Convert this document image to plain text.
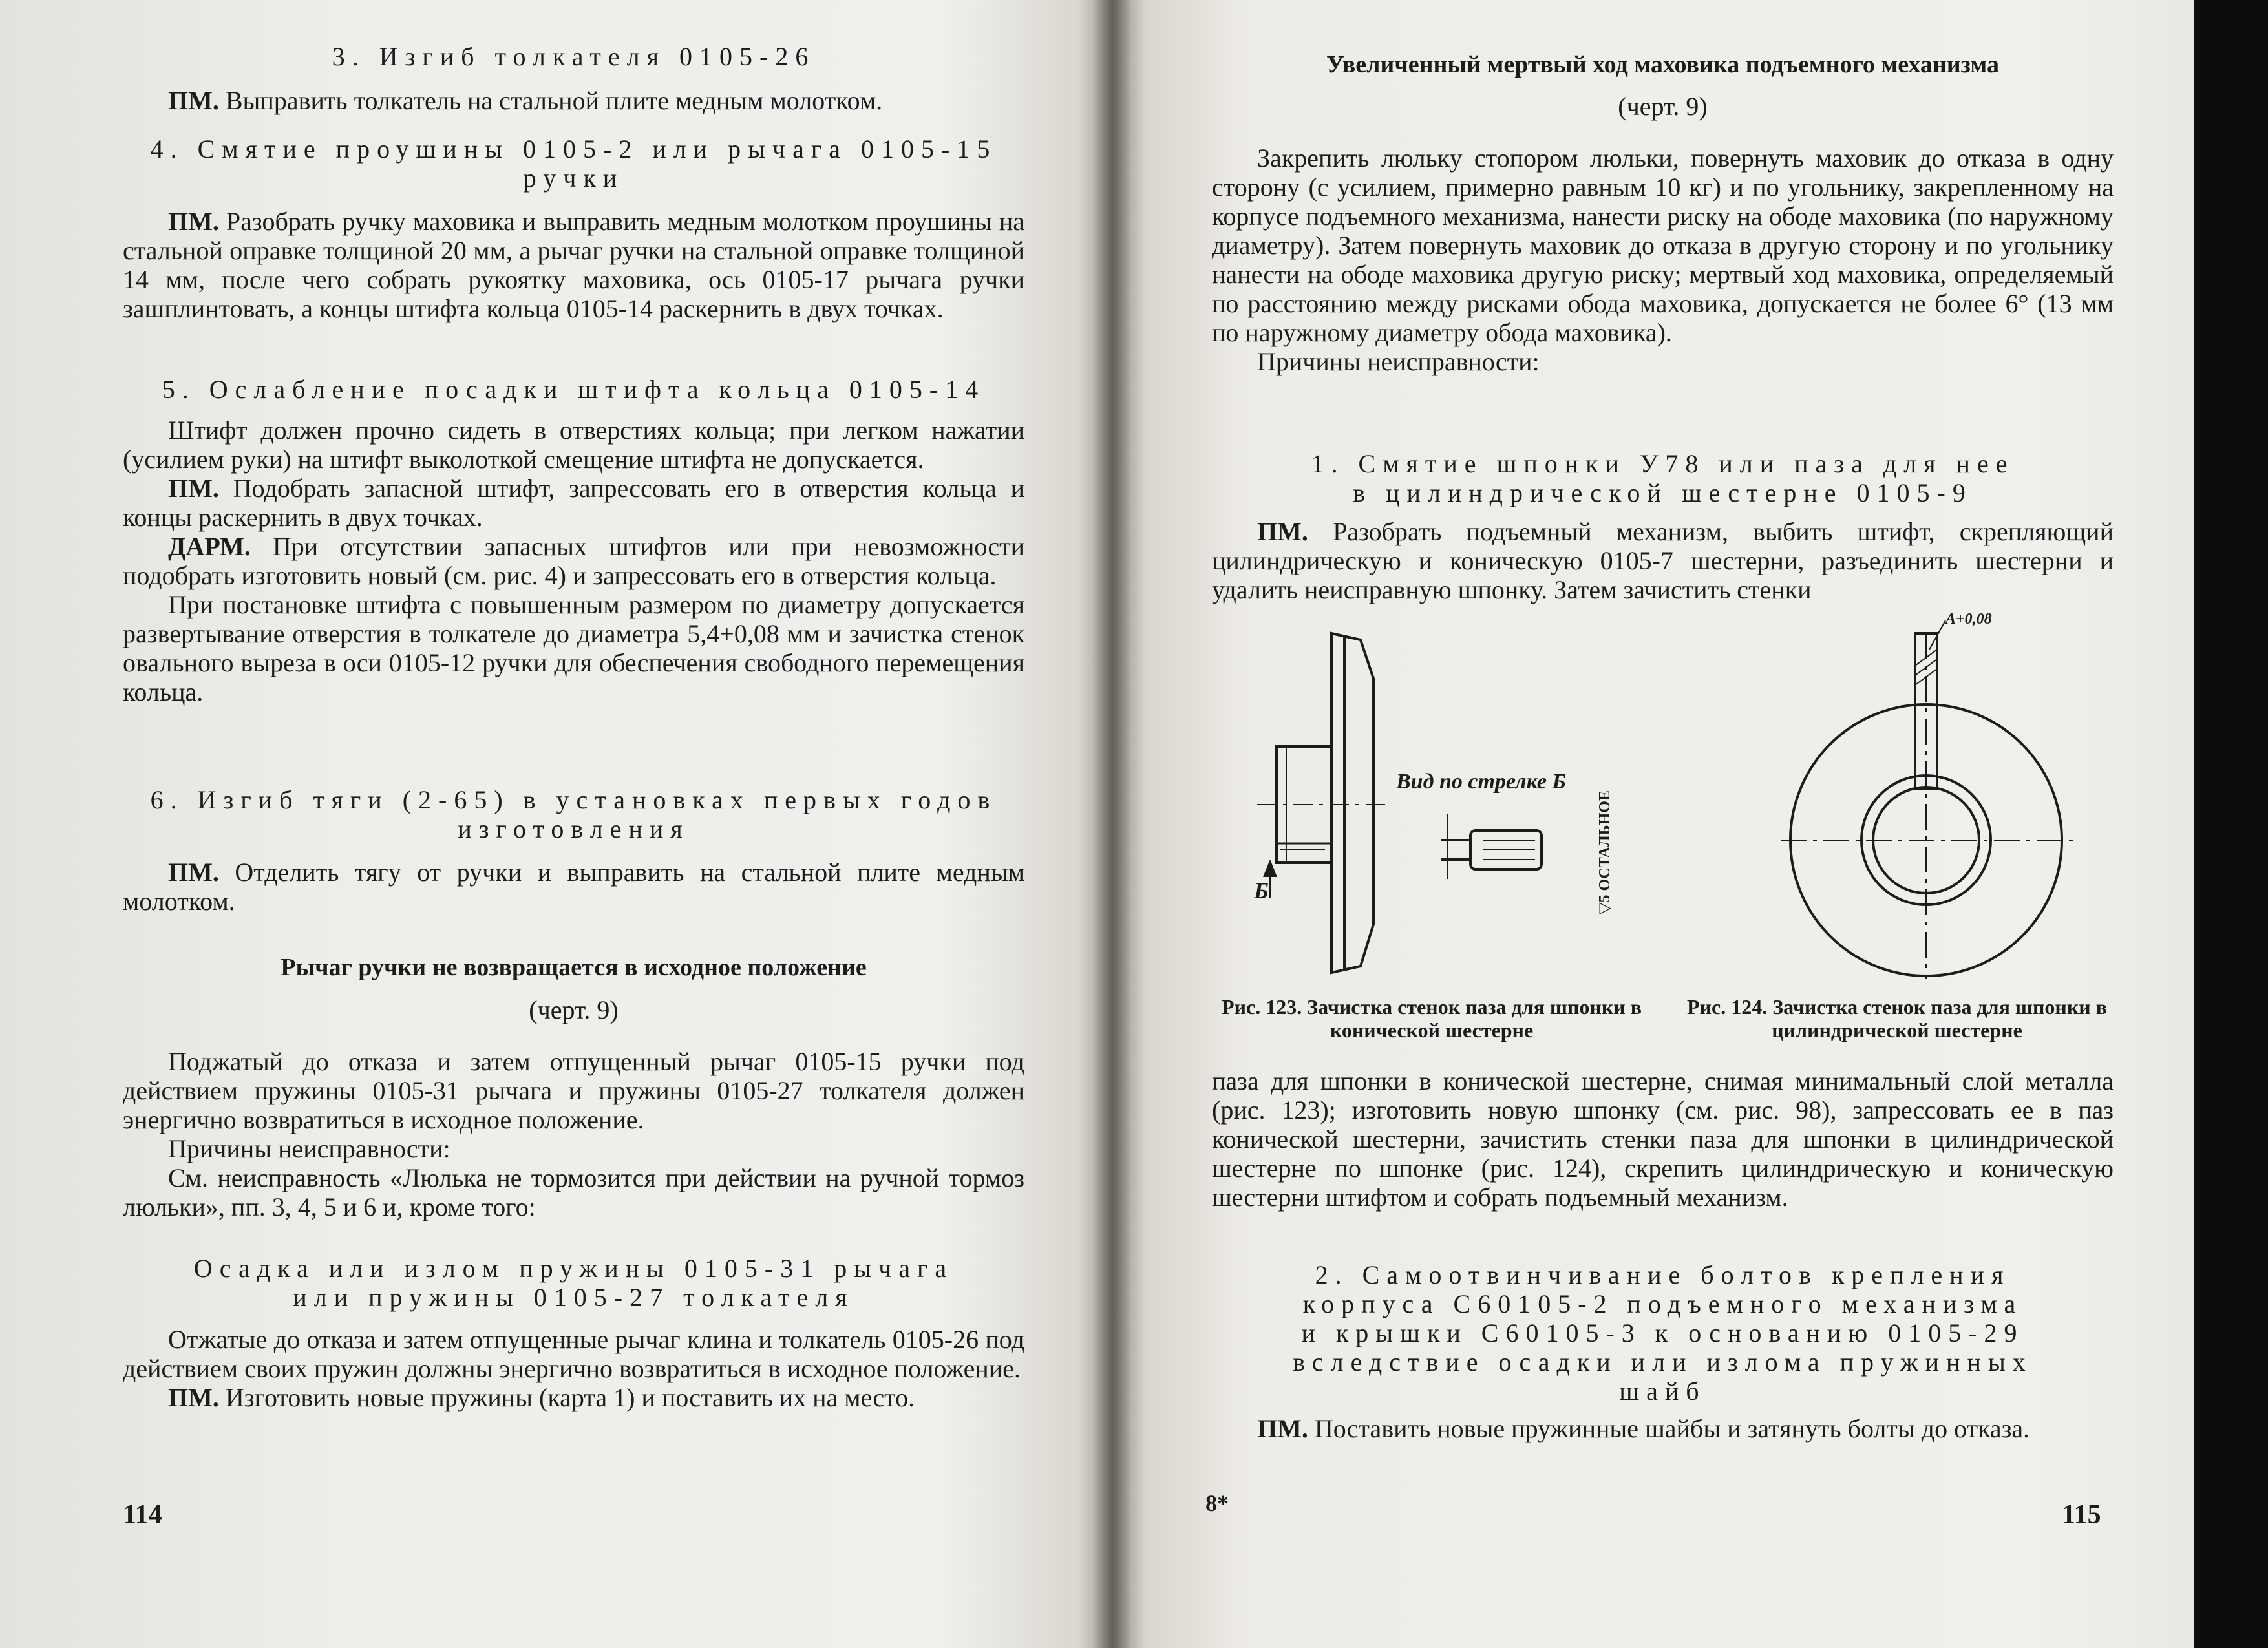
3. Изгиб толкателя 0105-26

ПМ. Выправить толкатель на стальной плите медным молотком.

4. Смятие проушины 0105-2 или рычага 0105-15

ручки

ПМ. Разобрать ручку маховика и выправить медным молотком проушины на стальной оправке толщиной 20 мм, а рычаг ручки на стальной оправке толщиной 14 мм, после чего собрать рукоятку маховика, ось 0105-17 рычага ручки зашплинтовать, а концы штифта кольца 0105-14 раскернить в двух точках.

5. Ослабление посадки штифта кольца 0105-14

Штифт должен прочно сидеть в отверстиях кольца; при легком нажатии (усилием руки) на штифт выколоткой смещение штифта не допускается.

ПМ. Подобрать запасной штифт, запрессовать его в отверстия кольца и концы раскернить в двух точках.

ДАРМ. При отсутствии запасных штифтов или при невозможности подобрать изготовить новый (см. рис. 4) и запрессовать его в отверстия кольца.

При постановке штифта с повышенным размером по диаметру допускается развертывание отверстия в толкателе до диаметра 5,4+0,08 мм и зачистка стенок овального выреза в оси 0105-12 ручки для обеспечения свободного перемещения кольца.

6. Изгиб тяги (2-65) в установках первых годов

изготовления

ПМ. Отделить тягу от ручки и выправить на стальной плите медным молотком.

Рычаг ручки не возвращается в исходное положение

(черт. 9)

Поджатый до отказа и затем отпущенный рычаг 0105-15 ручки под действием пружины 0105-31 рычага и пружины 0105-27 толкателя должен энергично возвратиться в исходное положение.

Причины неисправности:

См. неисправность «Люлька не тормозится при действии на ручной тормоз люльки», пп. 3, 4, 5 и 6 и, кроме того:

Осадка или излом пружины 0105-31 рычага

или пружины 0105-27 толкателя

Отжатые до отказа и затем отпущенные рычаг клина и толкатель 0105-26 под действием своих пружин должны энергично возвратиться в исходное положение.

ПМ. Изготовить новые пружины (карта 1) и поставить их на место.

114

Увеличенный мертвый ход маховика подъемного механизма

(черт. 9)

Закрепить люльку стопором люльки, повернуть маховик до отказа в одну сторону (с усилием, примерно равным 10 кг) и по угольнику, закрепленному на корпусе подъемного механизма, нанести риску на ободе маховика (по наружному диаметру). Затем повернуть маховик до отказа в другую сторону и по угольнику нанести на ободе маховика другую риску; мертвый ход маховика, определяемый по расстоянию между рисками обода маховика, допускается не более 6° (13 мм по наружному диаметру обода маховика).

Причины неисправности:

1. Смятие шпонки У78 или паза для нее

в цилиндрической шестерне 0105-9

ПМ. Разобрать подъемный механизм, выбить штифт, скрепляющий цилиндрическую и коническую 0105-7 шестерни, разъединить шестерни и удалить неисправную шпонку. Затем зачистить стенки

Б
Вид по стрелке Б
▽5 ОСТАЛЬНОЕ
А+0,08
Рис. 123. Зачистка стенок паза для шпонки в конической шестерне
Рис. 124. Зачистка стенок паза для шпонки в цилиндрической шестерне

паза для шпонки в конической шестерне, снимая минимальный слой металла (рис. 123); изготовить новую шпонку (см. рис. 98), запрессовать ее в паз конической шестерни, зачистить стенки паза для шпонки в цилиндрической шестерне по шпонке (рис. 124), скрепить цилиндрическую и коническую шестерни штифтом и собрать подъемный механизм.

2. Самоотвинчивание болтов крепления

корпуса С60105-2 подъемного механизма

и крышки С60105-3 к основанию 0105-29

вследствие осадки или излома пружинных

шайб

ПМ. Поставить новые пружинные шайбы и затянуть болты до отказа.

8*	115
